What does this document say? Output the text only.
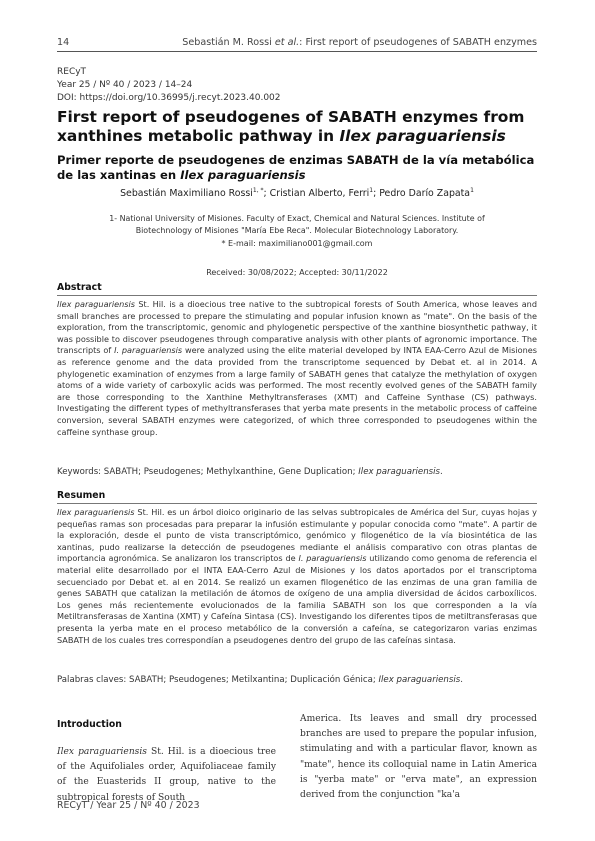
14	Sebastián M. Rossi et al.: First report of pseudogenes of SABATH enzymes
RECyT
Year 25 / Nº 40 / 2023 / 14–24
DOI: https://doi.org/10.36995/j.recyt.2023.40.002
First report of pseudogenes of SABATH enzymes from xanthines metabolic pathway in Ilex paraguariensis
Primer reporte de pseudogenes de enzimas SABATH de la vía metabólica de las xantinas en Ilex paraguariensis
Sebastián Maximiliano Rossi$^{1, *}$; Cristian Alberto, Ferri$^1$; Pedro Darío Zapata$^1$
1- National University of Misiones. Faculty of Exact, Chemical and Natural Sciences. Institute of
Biotechnology of Misiones "María Ebe Reca". Molecular Biotechnology Laboratory.
* E-mail: maximiliano001@gmail.com
Received: 30/08/2022; Accepted: 30/11/2022
Abstract

Ilex paraguariensis St. Hil. is a dioecious tree native to the subtropical forests of South America, whose leaves and small branches are processed to prepare the stimulating and popular infusion known as "mate". On the basis of the exploration, from the transcriptomic, genomic and phylogenetic perspective of the xanthine biosynthetic pathway, it was possible to discover pseudogenes through comparative analysis with other plants of agronomic importance. The transcripts of I. paraguariensis were analyzed using the elite material developed by INTA EAA-Cerro Azul de Misiones as reference genome and the data provided from the transcriptome sequenced by Debat et. al in 2014. A phylogenetic examination of enzymes from a large family of SABATH genes that catalyze the methylation of oxygen atoms of a wide variety of carboxylic acids was performed. The most recently evolved genes of the SABATH family are those corresponding to the Xanthine Methyltransferases (XMT) and Caffeine Synthase (CS) pathways. Investigating the different types of methyltransferases that yerba mate presents in the metabolic process of caffeine conversion, several SABATH enzymes were categorized, of which three corresponded to pseudogenes within the caffeine synthase group.

Keywords: SABATH; Pseudogenes; Methylxanthine, Gene Duplication; Ilex paraguariensis.
Resumen

Ilex paraguariensis St. Hil. es un árbol dioico originario de las selvas subtropicales de América del Sur, cuyas hojas y pequeñas ramas son procesadas para preparar la infusión estimulante y popular conocida como "mate". A partir de la exploración, desde el punto de vista transcriptómico, genómico y filogenético de la vía biosintética de las xantinas, pudo realizarse la detección de pseudogenes mediante el análisis comparativo con otras plantas de importancia agronómica. Se analizaron los transcriptos de I. paraguariensis utilizando como genoma de referencia el material elite desarrollado por el INTA EAA-Cerro Azul de Misiones y los datos aportados por el transcriptoma secuenciado por Debat et. al en 2014. Se realizó un examen filogenético de las enzimas de una gran familia de genes SABATH que catalizan la metilación de átomos de oxígeno de una amplia diversidad de ácidos carboxílicos. Los genes más recientemente evolucionados de la familia SABATH son los que corresponden a la vía Metiltransferasas de Xantina (XMT) y Cafeína Sintasa (CS). Investigando los diferentes tipos de metiltransferasas que presenta la yerba mate en el proceso metabólico de la conversión a cafeína, se categorizaron varias enzimas SABATH de los cuales tres correspondían a pseudogenes dentro del grupo de las cafeínas sintasa.

Palabras claves: SABATH; Pseudogenes; Metilxantina; Duplicación Génica; Ilex paraguariensis.
Introduction
Ilex paraguariensis St. Hil. is a dioecious tree of the Aquifoliales order, Aquifoliaceae family of the Euasterids II group, native to the subtropical forests of South
America. Its leaves and small dry processed branches are used to prepare the popular infusion, stimulating and with a particular flavor, known as "mate", hence its colloquial name in Latin America is "yerba mate" or "erva mate", an expression derived from the conjunction "ka'a
RECyT / Year 25 / Nº 40 / 2023
